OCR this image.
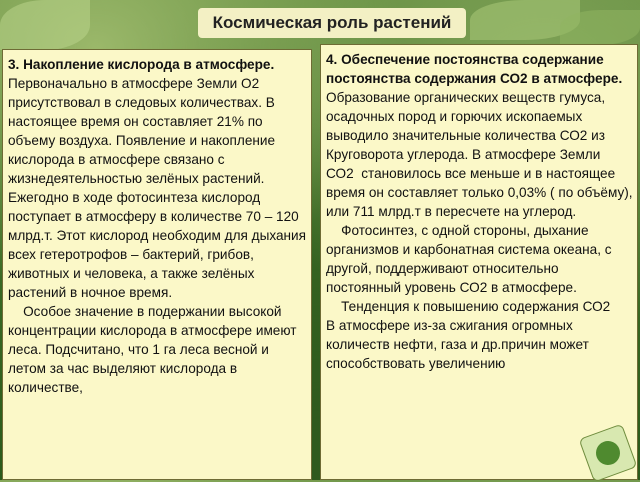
Космическая роль растений

3. Накопление кислорода в атмосфере.

Первоначально в атмосфере Земли О2 присутствовал в следовых количествах. В настоящее время он составляет 21% по
объему воздуха. Появление и накопление кислорода в атмосфере связано с жизнедеятельностью зелёных растений.

Ежегодно в ходе фотосинтеза кислород поступает в атмосферу в количестве 70 – 120 млрд.т. Этот кислород необходим для дыхания всех гетеротрофов – бактерий, грибов, животных и человека, а также зелёных растений в ночное время.

Особое значение в подержании высокой концентрации кислорода в атмосфере имеют леса. Подсчитано, что 1 га леса весной и летом за час выделяют кислорода в количестве,

4. Обеспечение постоянства содержание постоянства содержания СО2 в атмосфере.

Образование органических веществ гумуса, осадочных пород и горючих ископаемых выводило значительные количества СО2 из
Круговорота углерода. В атмосфере Земли
СО2  становилось все меньше и в настоящее время он составляет только 0,03% ( по объёму), или 711 млрд.т в пересчете на углерод.

Фотосинтез, с одной стороны, дыхание организмов и карбонатная система океана, с другой, поддерживают относительно постоянный уровень СО2 в атмосфере.

Тенденция к повышению содержания СО2
В атмосфере из-за сжигания огромных количеств нефти, газа и др.причин может способствовать увеличению
